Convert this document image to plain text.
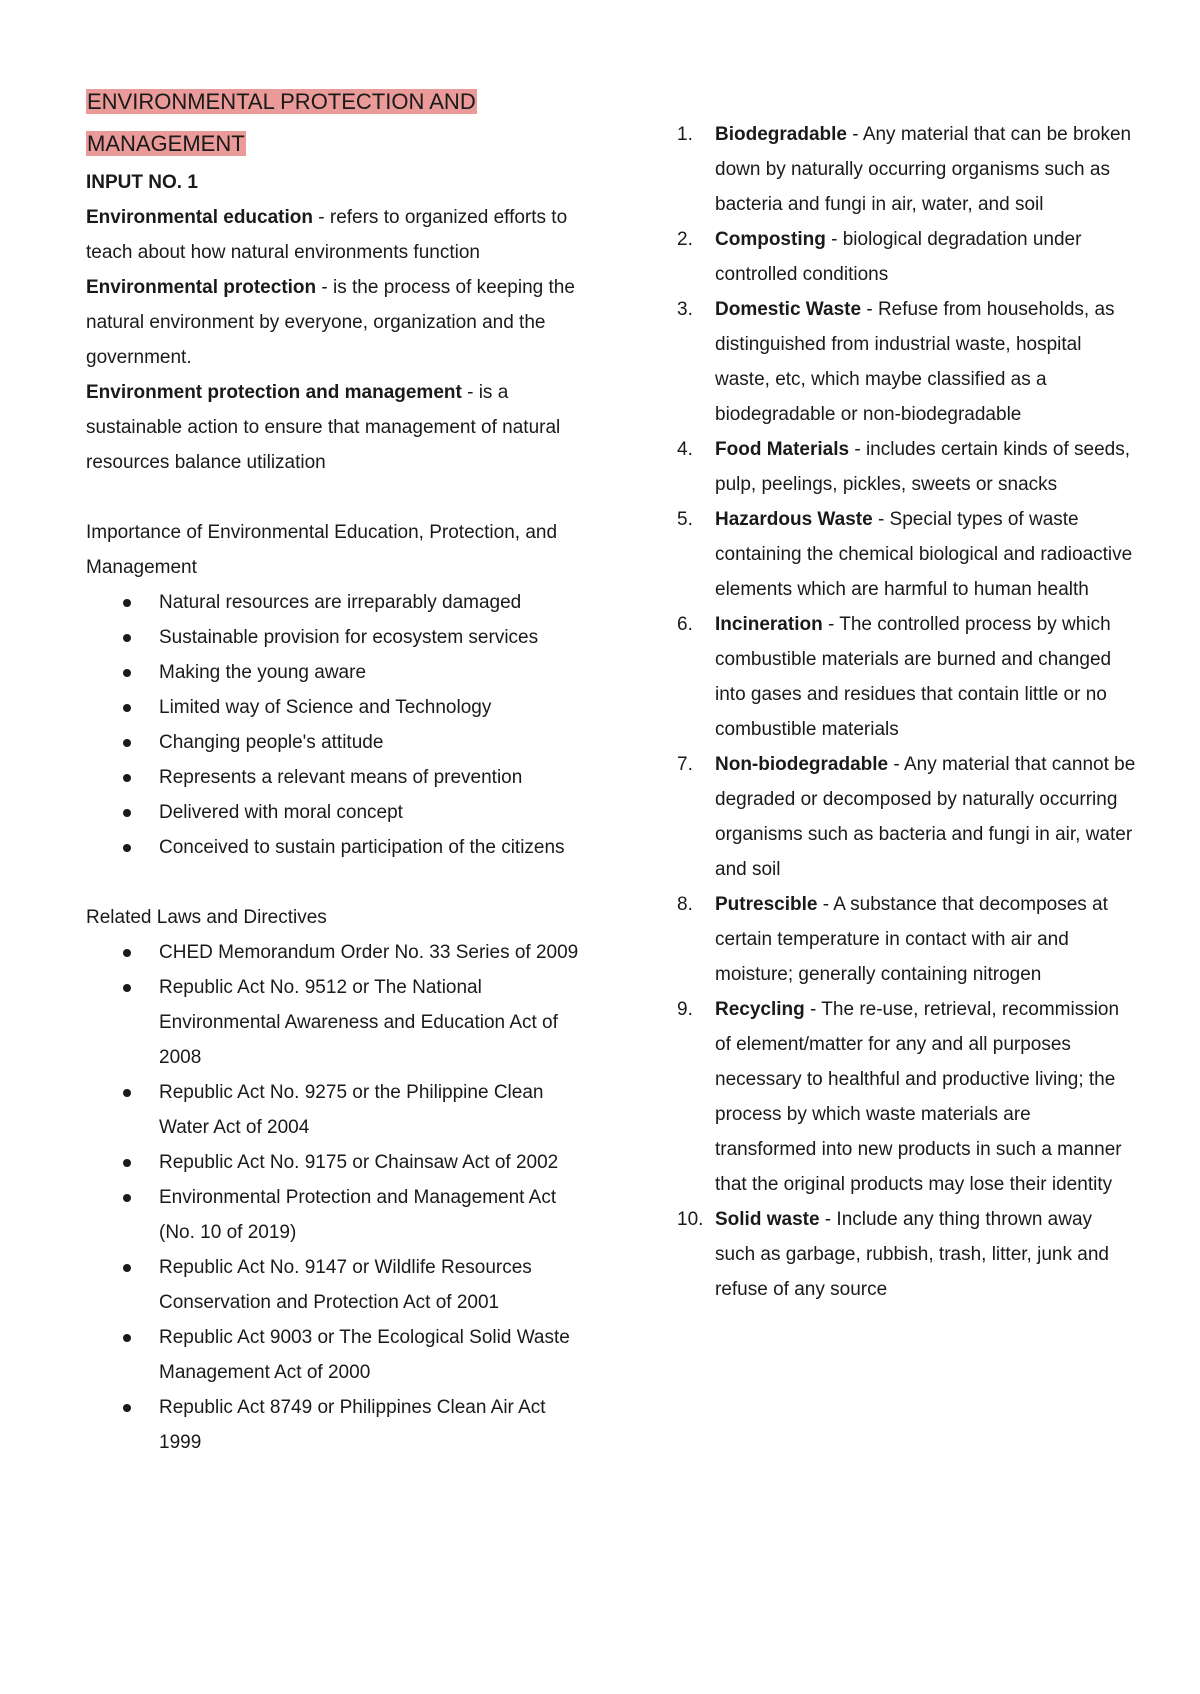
ENVIRONMENTAL PROTECTION AND
MANAGEMENT

INPUT NO. 1

Environmental education - refers to organized efforts to teach about how natural environments function

Environmental protection - is the process of keeping the natural environment by everyone, organization and the government.

Environment protection and management - is a sustainable action to ensure that management of natural resources balance utilization

Importance of Environmental Education, Protection, and Management

Natural resources are irreparably damaged
Sustainable provision for ecosystem services
Making the young aware
Limited way of Science and Technology
Changing people's attitude
Represents a relevant means of prevention
Delivered with moral concept
Conceived to sustain participation of the citizens

Related Laws and Directives

CHED Memorandum Order No. 33 Series of 2009
Republic Act No. 9512 or The National Environmental Awareness and Education Act of 2008
Republic Act No. 9275 or the Philippine Clean Water Act of 2004
Republic Act No. 9175 or Chainsaw Act of 2002
Environmental Protection and Management Act (No. 10 of 2019)
Republic Act No. 9147 or Wildlife Resources Conservation and Protection Act of 2001
Republic Act 9003 or The Ecological Solid Waste Management Act of 2000
Republic Act 8749 or Philippines Clean Air Act 1999
1.	Biodegradable - Any material that can be broken down by naturally occurring organisms such as bacteria and fungi in air, water, and soil
2.	Composting - biological degradation under controlled conditions
3.	Domestic Waste - Refuse from households, as distinguished from industrial waste, hospital waste, etc, which maybe classified as a biodegradable or non-biodegradable
4.	Food Materials - includes certain kinds of seeds, pulp, peelings, pickles, sweets or snacks
5.	Hazardous Waste - Special types of waste containing the chemical biological and radioactive elements which are harmful to human health
6.	Incineration - The controlled process by which combustible materials are burned and changed into gases and residues that contain little or no combustible materials
7.	Non-biodegradable - Any material that cannot be degraded or decomposed by naturally occurring organisms such as bacteria and fungi in air, water and soil
8.	Putrescible - A substance that decomposes at certain temperature in contact with air and moisture; generally containing nitrogen
9.	Recycling - The re-use, retrieval, recommission of element/matter for any and all purposes necessary to healthful and productive living; the process by which waste materials are transformed into new products in such a manner that the original products may lose their identity
10. Solid waste - Include any thing thrown away such as garbage, rubbish, trash, litter, junk and refuse of any source
